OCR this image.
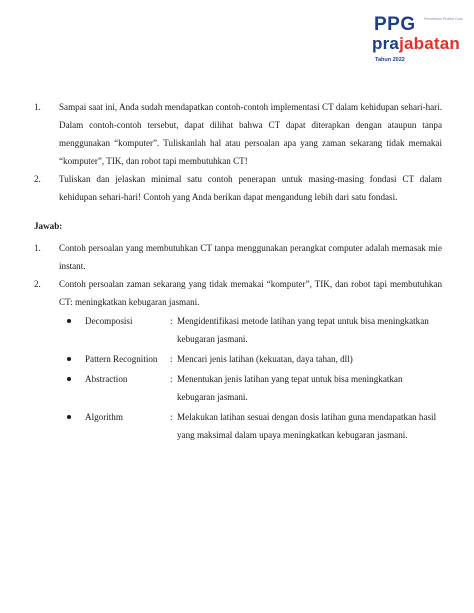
PPG Pendidikan Profesi Guru
prajabatan
Tahun 2022
1. Sampai saat ini, Anda sudah mendapatkan contoh-contoh implementasi CT dalam kehidupan sehari-hari. Dalam contoh-contoh tersebut, dapat dilihat bahwa CT dapat diterapkan dengan ataupun tanpa menggunakan “komputer”. Tuliskanlah hal atau persoalan apa yang zaman sekarang tidak memakai “komputer”, TIK, dan robot tapi membutuhkan CT!
2. Tuliskan dan jelaskan minimal satu contoh penerapan untuk masing-masing fondasi CT dalam kehidupan sehari-hari! Contoh yang Anda berikan dapat mengandung lebih dari satu fondasi.
Jawab:
1. Contoh persoalan yang membutuhkan CT tanpa menggunakan perangkat computer adalah memasak mie instant.
2. Contoh persoalan zaman sekarang yang tidak memakai “komputer”, TIK, dan robot tapi membutuhkan CT: meningkatkan kebugaran jasmani.
Decomposisi	: Mengidentifikasi metode latihan yang tepat untuk bisa meningkatkan kebugaran jasmani.
Pattern Recognition	: Mencari jenis latihan (kekuatan, daya tahan, dll)
Abstraction	: Menentukan jenis latihan yang tepat untuk bisa meningkatkan kebugaran jasmani.
Algorithm	: Melakukan latihan sesuai dengan dosis latihan guna mendapatkan hasil yang maksimal dalam upaya meningkatkan kebugaran jasmani.
